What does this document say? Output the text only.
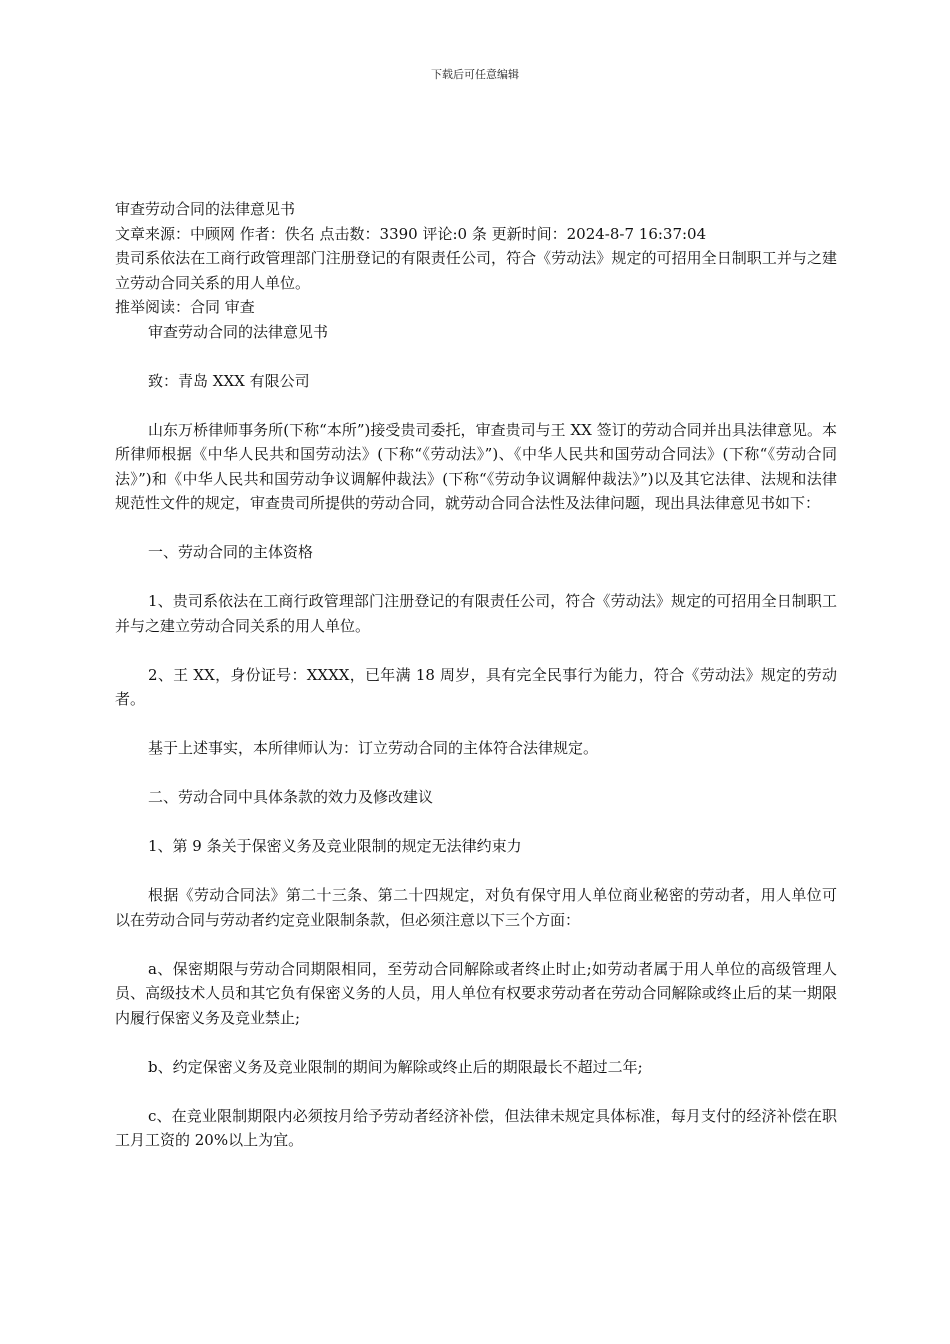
下载后可任意编辑

审查劳动合同的法律意见书

文章来源：中顾网 作者：佚名 点击数：3390 评论:0 条 更新时间：2024-8-7 16:37:04

贵司系依法在工商行政管理部门注册登记的有限责任公司，符合《劳动法》规定的可招用全日制职工并与之建立劳动合同关系的用人单位。

推举阅读：合同 审查

审查劳动合同的法律意见书

致：青岛 XXX 有限公司

山东万桥律师事务所(下称“本所”)接受贵司委托，审查贵司与王 XX 签订的劳动合同并出具法律意见。本所律师根据《中华人民共和国劳动法》(下称“《劳动法》”)、《中华人民共和国劳动合同法》(下称“《劳动合同法》”)和《中华人民共和国劳动争议调解仲裁法》(下称“《劳动争议调解仲裁法》”)以及其它法律、法规和法律规范性文件的规定，审查贵司所提供的劳动合同，就劳动合同合法性及法律问题，现出具法律意见书如下：

一、劳动合同的主体资格

1、贵司系依法在工商行政管理部门注册登记的有限责任公司，符合《劳动法》规定的可招用全日制职工并与之建立劳动合同关系的用人单位。

2、王 XX，身份证号：XXXX，已年满 18 周岁，具有完全民事行为能力，符合《劳动法》规定的劳动者。

基于上述事实，本所律师认为：订立劳动合同的主体符合法律规定。

二、劳动合同中具体条款的效力及修改建议

1、第 9 条关于保密义务及竞业限制的规定无法律约束力

根据《劳动合同法》第二十三条、第二十四规定，对负有保守用人单位商业秘密的劳动者，用人单位可以在劳动合同与劳动者约定竞业限制条款，但必须注意以下三个方面：

a、保密期限与劳动合同期限相同，至劳动合同解除或者终止时止;如劳动者属于用人单位的高级管理人员、高级技术人员和其它负有保密义务的人员，用人单位有权要求劳动者在劳动合同解除或终止后的某一期限内履行保密义务及竞业禁止;

b、约定保密义务及竞业限制的期间为解除或终止后的期限最长不超过二年;

c、在竞业限制期限内必须按月给予劳动者经济补偿，但法律未规定具体标准，每月支付的经济补偿在职工月工资的 20%以上为宜。
